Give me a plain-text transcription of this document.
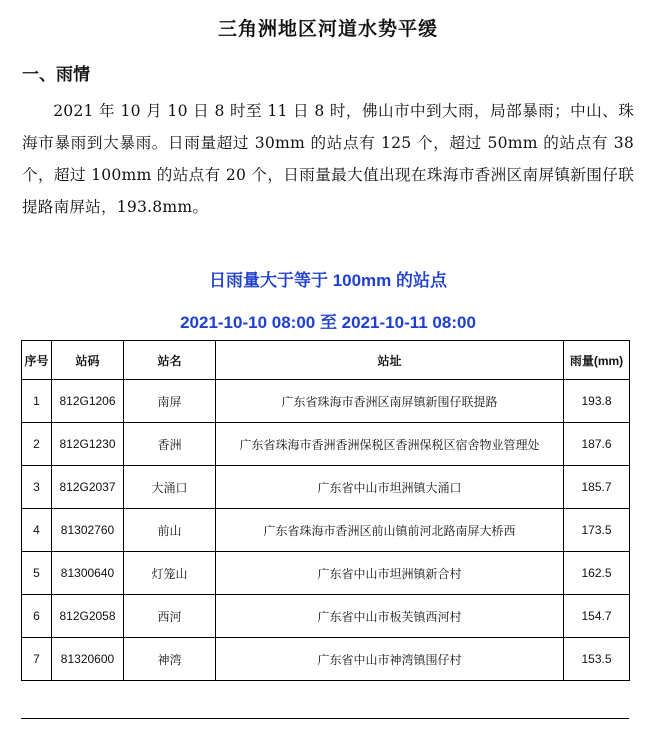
三角洲地区河道水势平缓
一、雨情
2021 年 10 月 10 日 8 时至 11 日 8 时，佛山市中到大雨，局部暴雨；中山、珠海市暴雨到大暴雨。日雨量超过 30mm 的站点有 125 个，超过 50mm 的站点有 38 个，超过 100mm 的站点有 20 个，日雨量最大值出现在珠海市香洲区南屏镇新围仔联提路南屏站，193.8mm。
日雨量大于等于 100mm 的站点
2021-10-10 08:00 至 2021-10-11 08:00
序号	站码	站名	站址	雨量(mm)
1	812G1206	南屏	广东省珠海市香洲区南屏镇新围仔联提路	193.8
2	812G1230	香洲	广东省珠海市香洲香洲保税区香洲保税区宿舍物业管理处	187.6
3	812G2037	大涌口	广东省中山市坦洲镇大涌口	185.7
4	81302760	前山	广东省珠海市香洲区前山镇前河北路南屏大桥西	173.5
5	81300640	灯笼山	广东省中山市坦洲镇新合村	162.5
6	812G2058	西河	广东省中山市板芙镇西河村	154.7
7	81320600	神湾	广东省中山市神湾镇围仔村	153.5
